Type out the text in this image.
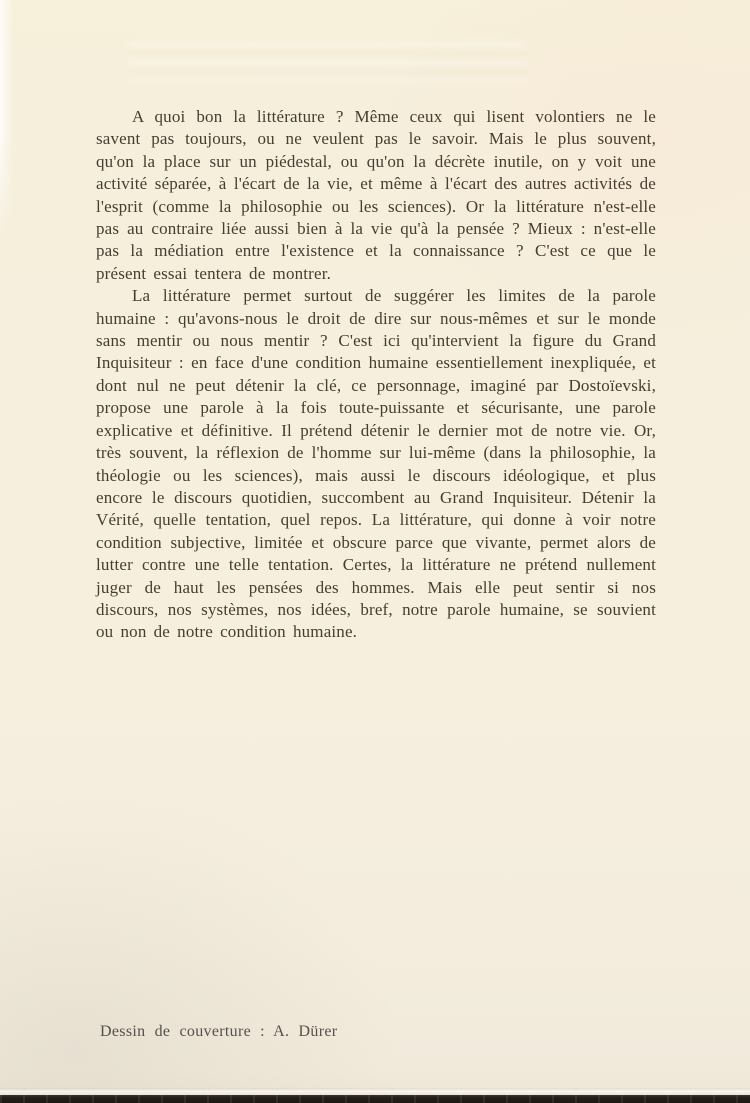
A quoi bon la littérature ? Même ceux qui lisent volontiers ne le savent pas toujours, ou ne veulent pas le savoir. Mais le plus souvent, qu'on la place sur un piédestal, ou qu'on la décrète inutile, on y voit une activité séparée, à l'écart de la vie, et même à l'écart des autres activités de l'esprit (comme la philosophie ou les sciences). Or la littérature n'est-elle pas au contraire liée aussi bien à la vie qu'à la pensée ? Mieux : n'est-elle pas la médiation entre l'existence et la connaissance ? C'est ce que le présent essai tentera de montrer.

La littérature permet surtout de suggérer les limites de la parole humaine : qu'avons-nous le droit de dire sur nous-mêmes et sur le monde sans mentir ou nous mentir ? C'est ici qu'intervient la figure du Grand Inquisiteur : en face d'une condition humaine essentiellement inexpliquée, et dont nul ne peut détenir la clé, ce personnage, imaginé par Dostoïevski, propose une parole à la fois toute-puissante et sécurisante, une parole explicative et définitive. Il prétend détenir le dernier mot de notre vie. Or, très souvent, la réflexion de l'homme sur lui-même (dans la philosophie, la théologie ou les sciences), mais aussi le discours idéologique, et plus encore le discours quotidien, succombent au Grand Inquisiteur. Détenir la Vérité, quelle tentation, quel repos. La littérature, qui donne à voir notre condition subjective, limitée et obscure parce que vivante, permet alors de lutter contre une telle tentation. Certes, la littérature ne prétend nullement juger de haut les pensées des hommes. Mais elle peut sentir si nos discours, nos systèmes, nos idées, bref, notre parole humaine, se souvient ou non de notre condition humaine.

Dessin de couverture : A. Dürer
